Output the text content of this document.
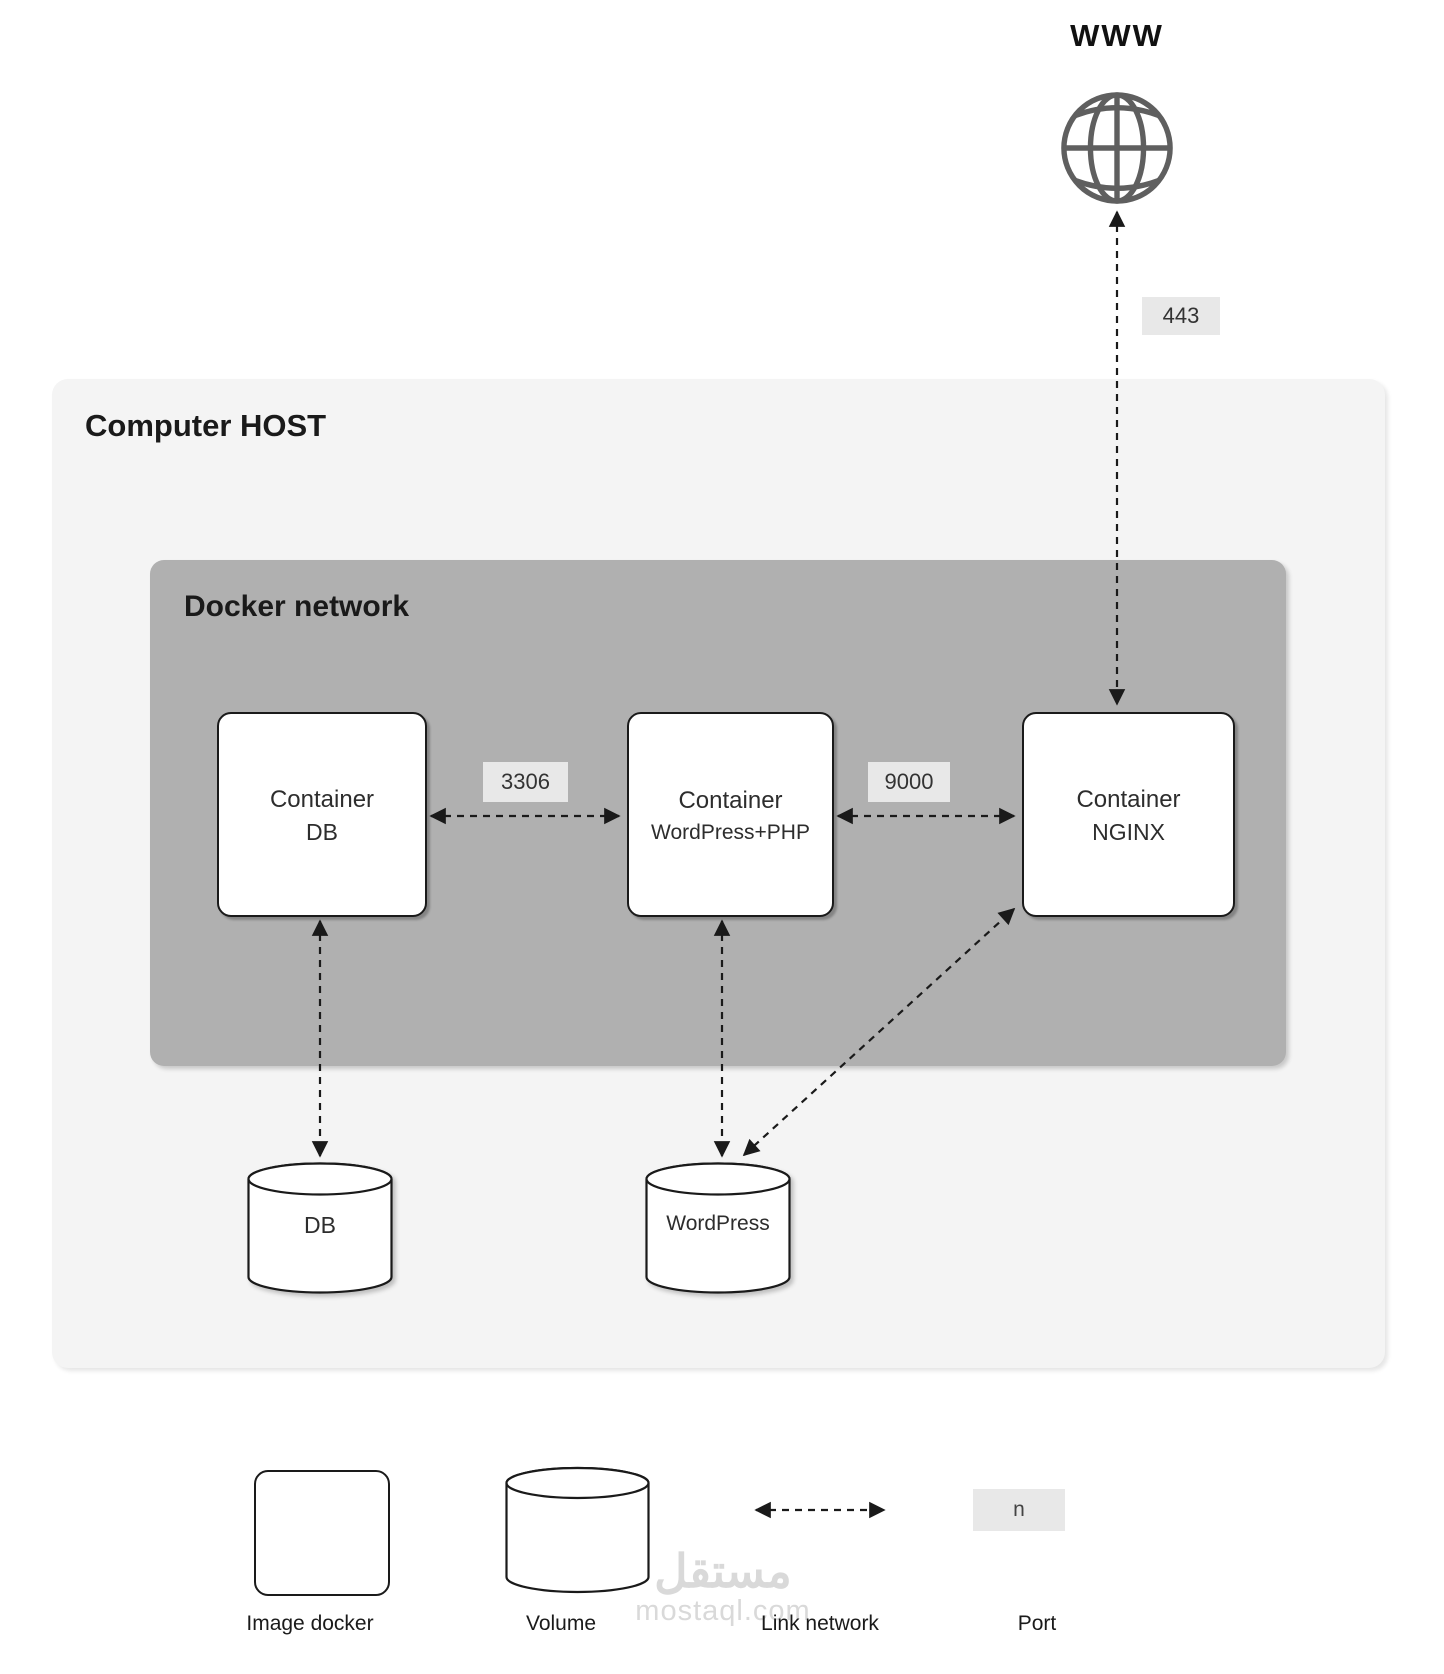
WWW
Computer HOST
Docker network
443
3306	9000
Container
DB
Container
WordPress+PHP
Container
NGINX
DB	WordPress
n
Image docker	Volume	Link network	Port
مستقل
mostaql.com
